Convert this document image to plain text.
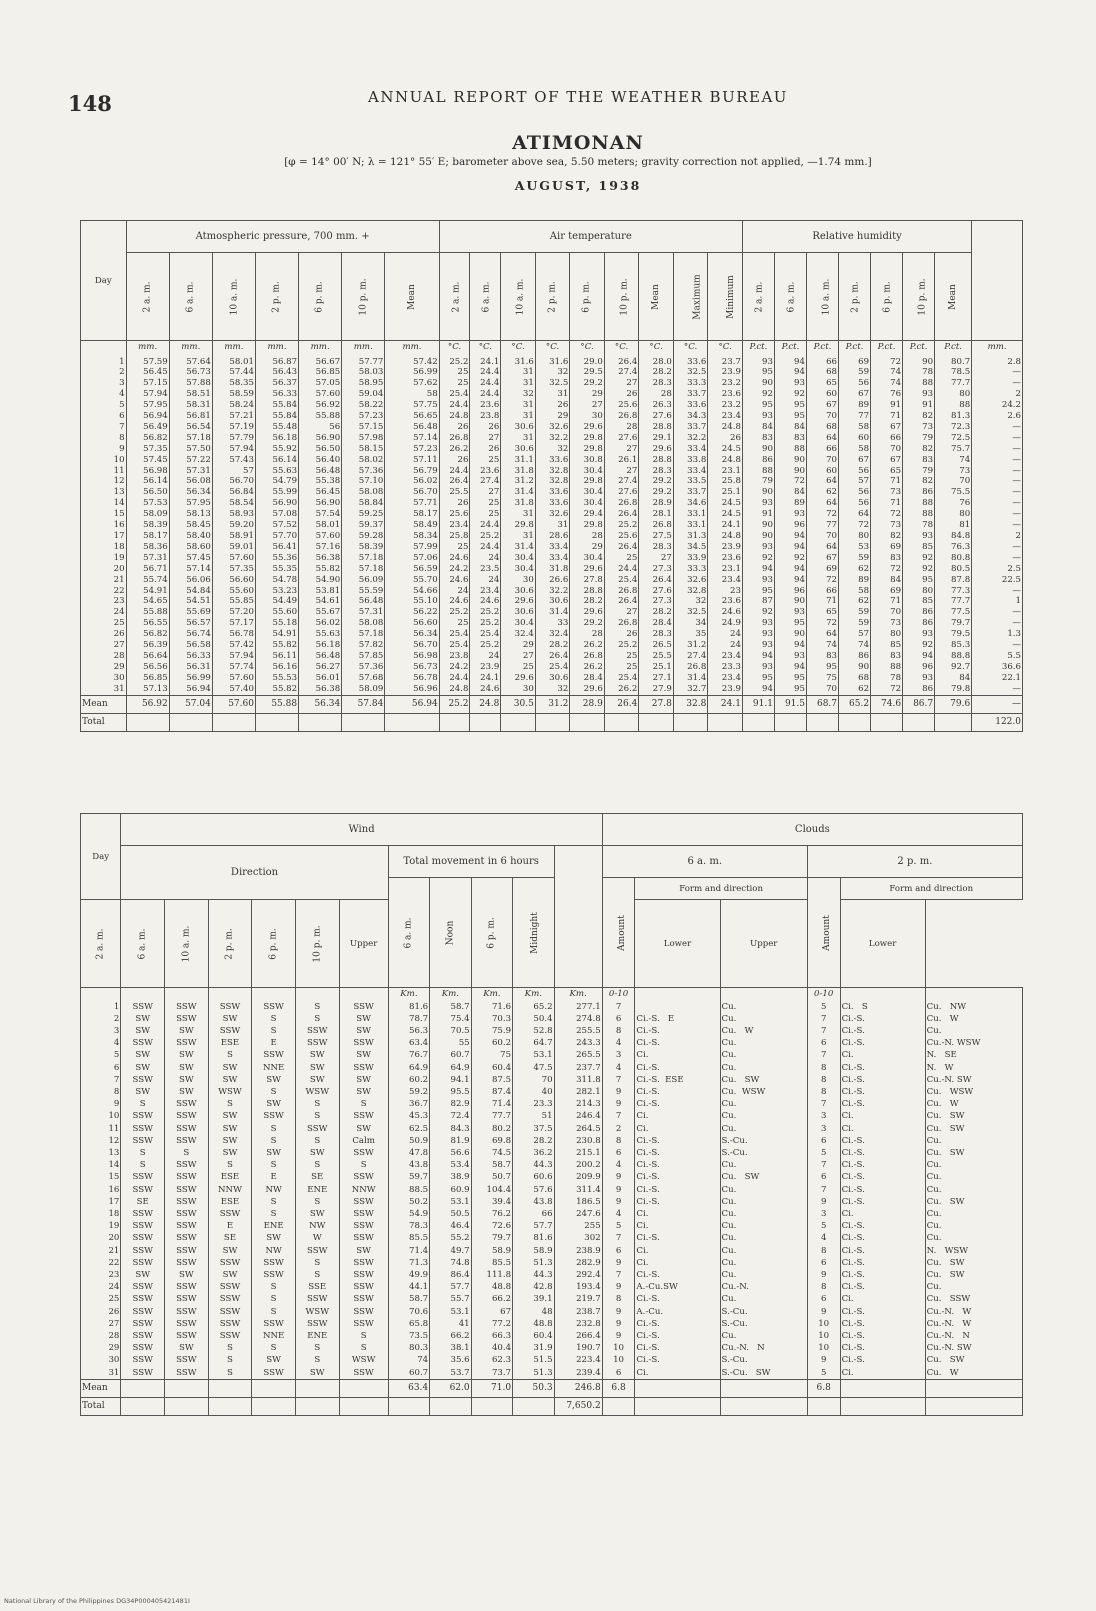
148	ANNUAL REPORT OF THE WEATHER BUREAU
ATIMONAN
[φ = 14° 00′ N; λ = 121° 55′ E; barometer above sea, 5.50 meters; gravity correction not applied, —1.74 mm.]
AUGUST, 1938
Day	Atmospheric pressure, 700 mm. +							Air temperature									Relative humidity	
	2 a. m.	6 a. m.	10 a. m.	2 p. m.	6 p. m.	10 p. m.	Mean	2 a. m.	6 a. m.	10 a. m.	2 p. m.	6 p. m.	10 p. m.	Mean	Maximum	Minimum	2 a. m.	6 a. m.	10 a. m.	2 p. m.	6 p. m.	10 p. m.	Mean	
	mm.	mm.	mm.	mm.	mm.	mm.	mm.	°C.	°C.	°C.	°C.	°C.	°C.	°C.	°C.	°C.	P.ct.	P.ct.	P.ct.	P.ct.	P.ct.	P.ct.	P.ct.	mm.
1	57.59	57.64	58.01	56.87	56.67	57.77	57.42	25.2	24.1	31.6	31.6	29.0	26.4	28.0	33.6	23.7	93	94	66	69	72	90	80.7	2.8
2	56.45	56.73	57.44	56.43	56.85	58.03	56.99	25	24.4	31	32	29.5	27.4	28.2	32.5	23.9	95	94	68	59	74	78	78.5	—
3	57.15	57.88	58.35	56.37	57.05	58.95	57.62	25	24.4	31	32.5	29.2	27	28.3	33.3	23.2	90	93	65	56	74	88	77.7	—
4	57.94	58.51	58.59	56.33	57.60	59.04	58	25.4	24.4	32	31	29	26	28	33.7	23.6	92	92	60	67	76	93	80	2
5	57.95	58.31	58.24	55.84	56.92	58.22	57.75	24.4	23.6	31	26	27	25.6	26.3	33.6	23.2	95	95	67	89	91	91	88	24.2
6	56.94	56.81	57.21	55.84	55.88	57.23	56.65	24.8	23.8	31	29	30	26.8	27.6	34.3	23.4	93	95	70	77	71	82	81.3	2.6
7	56.49	56.54	57.19	55.48	56	57.15	56.48	26	26	30.6	32.6	29.6	28	28.8	33.7	24.8	84	84	68	58	67	73	72.3	—
8	56.82	57.18	57.79	56.18	56.90	57.98	57.14	26.8	27	31	32.2	29.8	27.6	29.1	32.2	26	83	83	64	60	66	79	72.5	—
9	57.35	57.50	57.94	55.92	56.50	58.15	57.23	26.2	26	30.6	32	29.8	27	29.6	33.4	24.5	90	88	66	58	70	82	75.7	—
10	57.45	57.22	57.43	56.14	56.40	58.02	57.11	26	25	31.1	33.6	30.8	26.1	28.8	33.8	24.8	86	90	70	67	67	83	74	—
11	56.98	57.31	57	55.63	56.48	57.36	56.79	24.4	23.6	31.8	32.8	30.4	27	28.3	33.4	23.1	88	90	60	56	65	79	73	—
12	56.14	56.08	56.70	54.79	55.38	57.10	56.02	26.4	27.4	31.2	32.8	29.8	27.4	29.2	33.5	25.8	79	72	64	57	71	82	70	—
13	56.50	56.34	56.84	55.99	56.45	58.08	56.70	25.5	27	31.4	33.6	30.4	27.6	29.2	33.7	25.1	90	84	62	56	73	86	75.5	—
14	57.53	57.95	58.54	56.90	56.90	58.84	57.71	26	25	31.8	33.6	30.4	26.8	28.9	34.6	24.5	93	89	64	56	71	88	76	—
15	58.09	58.13	58.93	57.08	57.54	59.25	58.17	25.6	25	31	32.6	29.4	26.4	28.1	33.1	24.5	91	93	72	64	72	88	80	—
16	58.39	58.45	59.20	57.52	58.01	59.37	58.49	23.4	24.4	29.8	31	29.8	25.2	26.8	33.1	24.1	90	96	77	72	73	78	81	—
17	58.17	58.40	58.91	57.70	57.60	59.28	58.34	25.8	25.2	31	28.6	28	25.6	27.5	31.3	24.8	90	94	70	80	82	93	84.8	2
18	58.36	58.60	59.01	56.41	57.16	58.39	57.99	25	24.4	31.4	33.4	29	26.4	28.3	34.5	23.9	93	94	64	53	69	85	76.3	—
19	57.31	57.45	57.60	55.36	56.38	57.18	57.06	24.6	24	30.4	33.4	30.4	25	27	33.9	23.6	92	92	67	59	83	92	80.8	—
20	56.71	57.14	57.35	55.35	55.82	57.18	56.59	24.2	23.5	30.4	31.8	29.6	24.4	27.3	33.3	23.1	94	94	69	62	72	92	80.5	2.5
21	55.74	56.06	56.60	54.78	54.90	56.09	55.70	24.6	24	30	26.6	27.8	25.4	26.4	32.6	23.4	93	94	72	89	84	95	87.8	22.5
22	54.91	54.84	55.60	53.23	53.81	55.59	54.66	24	23.4	30.6	32.2	28.8	26.8	27.6	32.8	23	95	96	66	58	69	80	77.3	—
23	54.65	54.51	55.85	54.49	54.61	56.48	55.10	24.6	24.6	29.6	30.6	28.2	26.4	27.3	32	23.6	87	90	71	62	71	85	77.7	1
24	55.88	55.69	57.20	55.60	55.67	57.31	56.22	25.2	25.2	30.6	31.4	29.6	27	28.2	32.5	24.6	92	93	65	59	70	86	77.5	—
25	56.55	56.57	57.17	55.18	56.02	58.08	56.60	25	25.2	30.4	33	29.2	26.8	28.4	34	24.9	93	95	72	59	73	86	79.7	—
26	56.82	56.74	56.78	54.91	55.63	57.18	56.34	25.4	25.4	32.4	32.4	28	26	28.3	35	24	93	90	64	57	80	93	79.5	1.3
27	56.39	56.58	57.42	55.82	56.18	57.82	56.70	25.4	25.2	29	28.2	26.2	25.2	26.5	31.2	24	93	94	74	74	85	92	85.3	—
28	56.64	56.33	57.94	56.11	56.48	57.85	56.98	23.8	24	27	26.4	26.8	25	25.5	27.4	23.4	94	93	83	86	83	94	88.8	5.5
29	56.56	56.31	57.74	56.16	56.27	57.36	56.73	24.2	23.9	25	25.4	26.2	25	25.1	26.8	23.3	93	94	95	90	88	96	92.7	36.6
30	56.85	56.99	57.60	55.53	56.01	57.68	56.78	24.4	24.1	29.6	30.6	28.4	25.4	27.1	31.4	23.4	95	95	75	68	78	93	84	22.1
31	57.13	56.94	57.40	55.82	56.38	58.09	56.96	24.8	24.6	30	32	29.6	26.2	27.9	32.7	23.9	94	95	70	62	72	86	79.8	—
Mean	56.92	57.04	57.60	55.88	56.34	57.84	56.94	25.2	24.8	30.5	31.2	28.9	26.4	27.8	32.8	24.1	91.1	91.5	68.7	65.2	74.6	86.7	79.6	—
Total																								122.0
Day	Wind											Clouds					
	Direction						Total movement in 6 hours					6 a. m.			2 p. m.		
							6 a. m.	Noon	6 p. m.	Midnight		Amount	Form and direction		Amount	Form and direction	
2 a. m.	6 a. m.	10 a. m.	2 p. m.	6 p. m.	10 p. m.	Upper							Lower	Upper		Lower	
							Km.	Km.	Km.	Km.	Km.	0-10			0-10		
1	SSW	SSW	SSW	SSW	S	SSW	81.6	58.7	71.6	65.2	277.1	7		Cu.	5	Ci.   S	Cu.   NW
2	SW	SSW	SW	S	S	SW	78.7	75.4	70.3	50.4	274.8	6	Ci.-S.   E	Cu.	7	Ci.-S.	Cu.   W
3	SW	SW	SSW	S	SSW	SW	56.3	70.5	75.9	52.8	255.5	8	Ci.-S.	Cu.   W	7	Ci.-S.	Cu.
4	SSW	SSW	ESE	E	SSW	SSW	63.4	55	60.2	64.7	243.3	4	Ci.-S.	Cu.	6	Ci.-S.	Cu.-N. WSW
5	SW	SW	S	SSW	SW	SW	76.7	60.7	75	53.1	265.5	3	Ci.	Cu.	7	Ci.	N.   SE
6	SW	SW	SW	NNE	SW	SSW	64.9	64.9	60.4	47.5	237.7	4	Ci.-S.	Cu.	8	Ci.-S.	N.   W
7	SSW	SW	SW	SW	SW	SW	60.2	94.1	87.5	70	311.8	7	Ci.-S.  ESE	Cu.   SW	8	Ci.-S.	Cu.-N. SW
8	SW	SW	WSW	S	WSW	SW	59.2	95.5	87.4	40	282.1	9	Ci.-S.	Cu.  WSW	8	Ci.-S.	Cu.   WSW
9	S	SSW	S	SW	S	S	36.7	82.9	71.4	23.3	214.3	9	Ci.-S.	Cu.	7	Ci.-S.	Cu.   W
10	SSW	SSW	SW	SSW	S	SSW	45.3	72.4	77.7	51	246.4	7	Ci.	Cu.	3	Ci.	Cu.   SW
11	SSW	SSW	SW	S	SSW	SW	62.5	84.3	80.2	37.5	264.5	2	Ci.	Cu.	3	Ci.	Cu.   SW
12	SSW	SSW	SW	S	S	Calm	50.9	81.9	69.8	28.2	230.8	8	Ci.-S.	S.-Cu.	6	Ci.-S.	Cu.
13	S	S	SW	SW	SW	SSW	47.8	56.6	74.5	36.2	215.1	6	Ci.-S.	S.-Cu.	5	Ci.-S.	Cu.   SW
14	S	SSW	S	S	S	S	43.8	53.4	58.7	44.3	200.2	4	Ci.-S.	Cu.	7	Ci.-S.	Cu.
15	SSW	SSW	ESE	E	SE	SSW	59.7	38.9	50.7	60.6	209.9	9	Ci.-S.	Cu.   SW	6	Ci.-S.	Cu.
16	SSW	SSW	NNW	NW	ENE	NNW	88.5	60.9	104.4	57.6	311.4	9	Ci.-S.	Cu.	7	Ci.-S.	Cu.
17	SE	SSW	ESE	S	S	SSW	50.2	53.1	39.4	43.8	186.5	9	Ci.-S.	Cu.	9	Ci.-S.	Cu.   SW
18	SSW	SSW	SSW	S	SW	SSW	54.9	50.5	76.2	66	247.6	4	Ci.	Cu.	3	Ci.	Cu.
19	SSW	SSW	E	ENE	NW	SSW	78.3	46.4	72.6	57.7	255	5	Ci.	Cu.	5	Ci.-S.	Cu.
20	SSW	SSW	SE	SW	W	SSW	85.5	55.2	79.7	81.6	302	7	Ci.-S.	Cu.	4	Ci.-S.	Cu.
21	SSW	SSW	SW	NW	SSW	SW	71.4	49.7	58.9	58.9	238.9	6	Ci.	Cu.	8	Ci.-S.	N.   WSW
22	SSW	SSW	SSW	SSW	S	SSW	71.3	74.8	85.5	51.3	282.9	9	Ci.	Cu.	6	Ci.-S.	Cu.   SW
23	SW	SW	SW	SSW	S	SSW	49.9	86.4	111.8	44.3	292.4	7	Ci.-S.	Cu.	9	Ci.-S.	Cu.   SW
24	SSW	SSW	SSW	S	SSE	SSW	44.1	57.7	48.8	42.8	193.4	9	A.-Cu.SW	Cu.-N.	8	Ci.-S.	Cu.
25	SSW	SSW	SSW	S	SSW	SSW	58.7	55.7	66.2	39.1	219.7	8	Ci.-S.	Cu.	6	Ci.	Cu.   SSW
26	SSW	SSW	SSW	S	WSW	SSW	70.6	53.1	67	48	238.7	9	A.-Cu.	S.-Cu.	9	Ci.-S.	Cu.-N.   W
27	SSW	SSW	SSW	SSW	SSW	SSW	65.8	41	77.2	48.8	232.8	9	Ci.-S.	S.-Cu.	10	Ci.-S.	Cu.-N.   W
28	SSW	SSW	SSW	NNE	ENE	S	73.5	66.2	66.3	60.4	266.4	9	Ci.-S.	Cu.	10	Ci.-S.	Cu.-N.   N
29	SSW	SW	S	S	S	S	80.3	38.1	40.4	31.9	190.7	10	Ci.-S.	Cu.-N.   N	10	Ci.-S.	Cu.-N. SW
30	SSW	SSW	S	SW	S	WSW	74	35.6	62.3	51.5	223.4	10	Ci.-S.	S.-Cu.	9	Ci.-S.	Cu.   SW
31	SSW	SSW	S	SSW	SW	SSW	60.7	53.7	73.7	51.3	239.4	6	Ci.	S.-Cu.   SW	5	Ci.	Cu.   W
Mean							63.4	62.0	71.0	50.3	246.8	6.8			6.8		
Total											7,650.2						
National Library of the Philippines DG34P000405421481I
